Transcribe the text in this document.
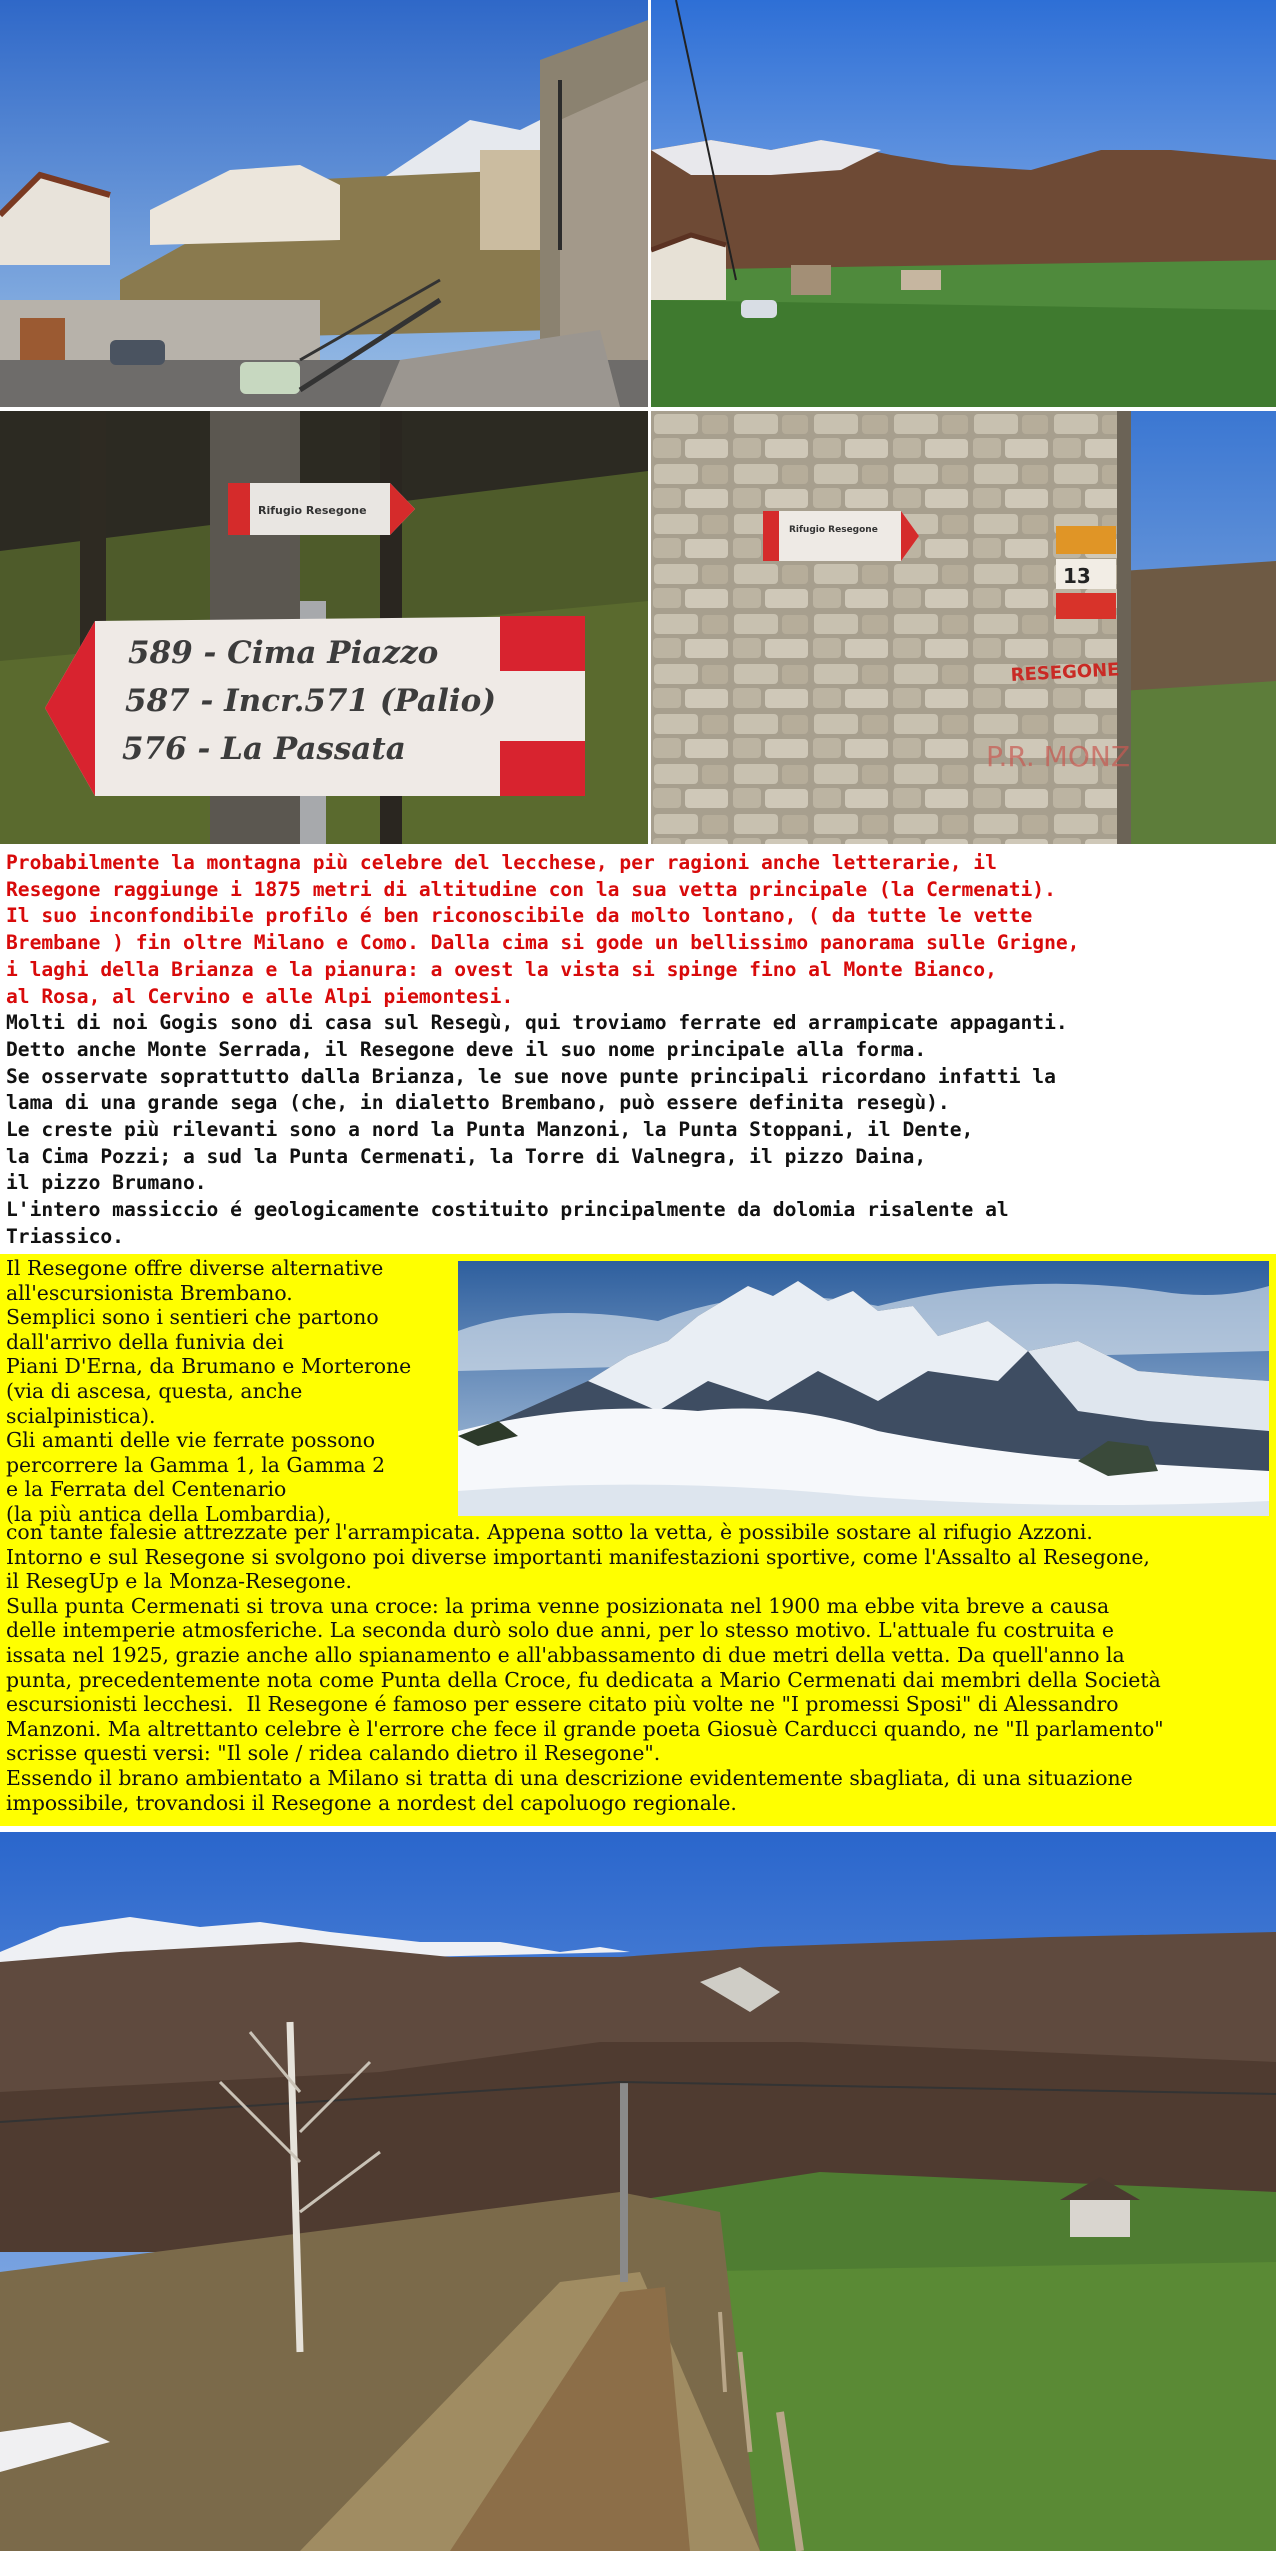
Rifugio Resegone
589 - Cima Piazzo
587 - Incr.571 (Palio)
576 - La Passata
Rifugio Resegone
13
RESEGONE
P.R. MONZ

Probabilmente la montagna più celebre del lecchese, per ragioni anche letterarie, il

Resegone raggiunge i 1875 metri di altitudine con la sua vetta principale (la Cermenati).

Il suo inconfondibile profilo é ben riconoscibile da molto lontano, ( da tutte le vette

Brembane ) fin oltre Milano e Como. Dalla cima si gode un bellissimo panorama sulle Grigne,

i laghi della Brianza e la pianura: a ovest la vista si spinge fino al Monte Bianco,

al Rosa, al Cervino e alle Alpi piemontesi.

Molti di noi Gogis sono di casa sul Resegù, qui troviamo ferrate ed arrampicate appaganti.

Detto anche Monte Serrada, il Resegone deve il suo nome principale alla forma.

Se osservate soprattutto dalla Brianza, le sue nove punte principali ricordano infatti la

lama di una grande sega (che, in dialetto Brembano, può essere definita resegù).

Le creste più rilevanti sono a nord la Punta Manzoni, la Punta Stoppani, il Dente,

la Cima Pozzi; a sud la Punta Cermenati, la Torre di Valnegra, il pizzo Daina,

il pizzo Brumano.

L'intero massiccio é geologicamente costituito principalmente da dolomia risalente al

Triassico.

Il Resegone offre diverse alternative

all'escursionista Brembano.

Semplici sono i sentieri che partono

dall'arrivo della funivia dei

Piani D'Erna, da Brumano e Morterone

(via di ascesa, questa, anche

scialpinistica).

Gli amanti delle vie ferrate possono

percorrere la Gamma 1, la Gamma 2

e la Ferrata del Centenario

(la più antica della Lombardia),

con tante falesie attrezzate per l'arrampicata. Appena sotto la vetta, è possibile sostare al rifugio Azzoni.

Intorno e sul Resegone si svolgono poi diverse importanti manifestazioni sportive, come l'Assalto al Resegone,

il ResegUp e la Monza-Resegone.

Sulla punta Cermenati si trova una croce: la prima venne posizionata nel 1900 ma ebbe vita breve a causa

delle intemperie atmosferiche. La seconda durò solo due anni, per lo stesso motivo. L'attuale fu costruita e

issata nel 1925, grazie anche allo spianamento e all'abbassamento di due metri della vetta. Da quell'anno la

punta, precedentemente nota come Punta della Croce, fu dedicata a Mario Cermenati dai membri della Società

escursionisti lecchesi.  Il Resegone é famoso per essere citato più volte ne "I promessi Sposi" di Alessandro

Manzoni. Ma altrettanto celebre è l'errore che fece il grande poeta Giosuè Carducci quando, ne "Il parlamento"

scrisse questi versi: "Il sole / ridea calando dietro il Resegone".

Essendo il brano ambientato a Milano si tratta di una descrizione evidentemente sbagliata, di una situazione

impossibile, trovandosi il Resegone a nordest del capoluogo regionale.
